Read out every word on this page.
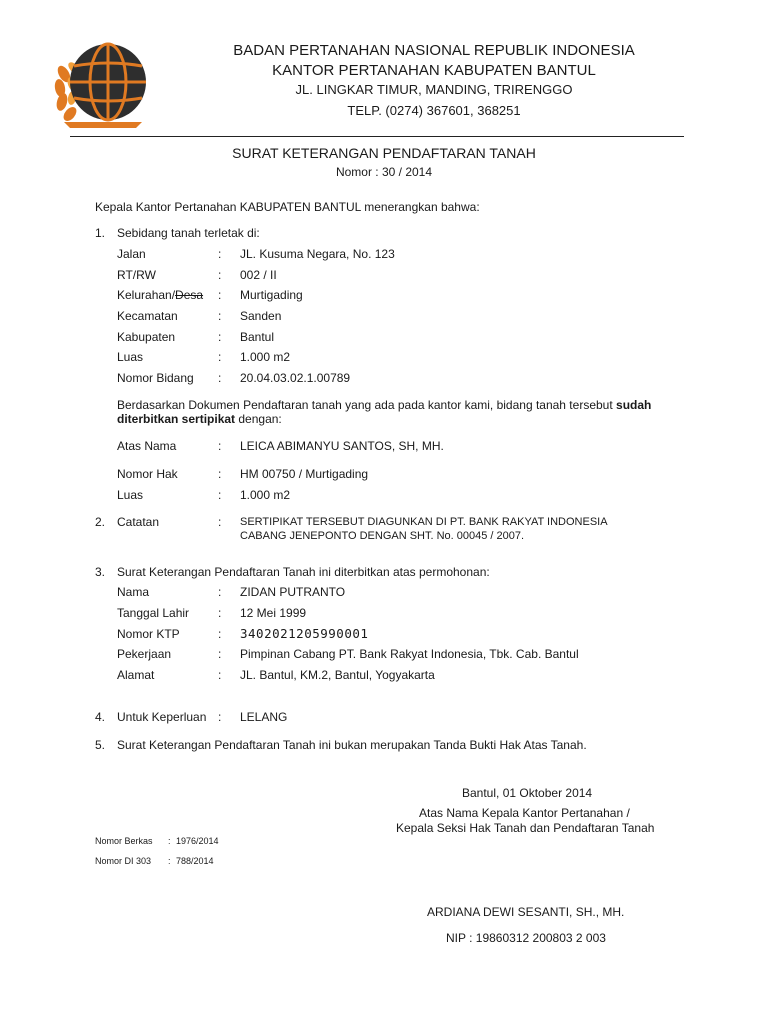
BADAN PERTANAHAN NASIONAL REPUBLIK INDONESIA
KANTOR PERTANAHAN KABUPATEN BANTUL
JL. LINGKAR TIMUR, MANDING, TRIRENGGO
TELP. (0274) 367601, 368251
SURAT KETERANGAN PENDAFTARAN TANAH
Nomor : 30 / 2014
Kepala Kantor Pertanahan KABUPATEN BANTUL menerangkan bahwa:
1. Sebidang tanah terletak di:
Jalan	: JL. Kusuma Negara, No. 123
RT/RW	: 002 / II
Kelurahan/Desa : Murtigading
Kecamatan	: Sanden
Kabupaten	: Bantul
Luas	: 1.000 m2
Nomor Bidang : 20.04.03.02.1.00789
Berdasarkan Dokumen Pendaftaran tanah yang ada pada kantor kami, bidang tanah tersebut sudah
diterbitkan sertipikat dengan:
Atas Nama	: LEICA ABIMANYU SANTOS, SH, MH.
Nomor Hak	: HM 00750 / Murtigading
Luas	: 1.000 m2
2. Catatan	: SERTIPIKAT TERSEBUT DIAGUNKAN DI PT. BANK RAKYAT INDONESIA
CABANG JENEPONTO DENGAN SHT. No. 00045 / 2007.
3. Surat Keterangan Pendaftaran Tanah ini diterbitkan atas permohonan:
Nama	: ZIDAN PUTRANTO
Tanggal Lahir : 12 Mei 1999
Nomor KTP	: 3402021205990001
Pekerjaan	: Pimpinan Cabang PT. Bank Rakyat Indonesia, Tbk. Cab. Bantul
Alamat	: JL. Bantul, KM.2, Bantul, Yogyakarta
4. Untuk Keperluan : LELANG
5. Surat Keterangan Pendaftaran Tanah ini bukan merupakan Tanda Bukti Hak Atas Tanah.
Bantul, 01 Oktober 2014
Atas Nama Kepala Kantor Pertanahan /
Kepala Seksi Hak Tanah dan Pendaftaran Tanah
Nomor Berkas : 1976/2014
Nomor DI 303 : 788/2014
ARDIANA DEWI SESANTI, SH., MH.
NIP : 19860312 200803 2 003
